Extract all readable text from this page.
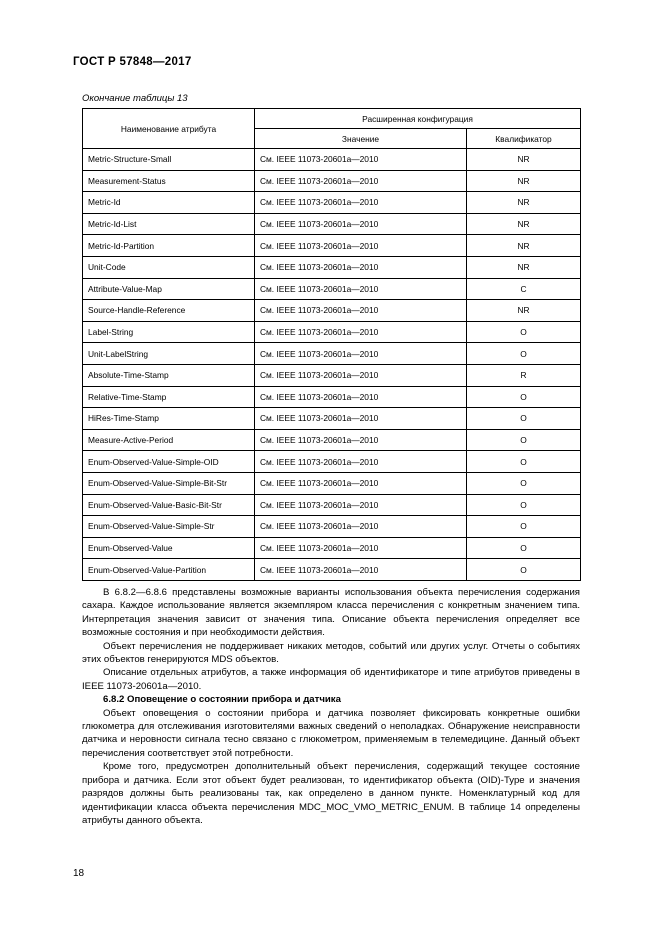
ГОСТ Р 57848—2017
Окончание таблицы 13
Наименование атрибута	Расширенная конфигурация	
	Значение	Квалификатор
Metric-Structure-Small	См. IEEE 11073-20601а—2010	NR
Measurement-Status	См. IEEE 11073-20601а—2010	NR
Metric-Id	См. IEEE 11073-20601а—2010	NR
Metric-Id-List	См. IEEE 11073-20601а—2010	NR
Metric-Id-Partition	См. IEEE 11073-20601а—2010	NR
Unit-Code	См. IEEE 11073-20601а—2010	NR
Attribute-Value-Map	См. IEEE 11073-20601а—2010	C
Source-Handle-Reference	См. IEEE 11073-20601а—2010	NR
Label-String	См. IEEE 11073-20601а—2010	O
Unit-LabelString	См. IEEE 11073-20601а—2010	O
Absolute-Time-Stamp	См. IEEE 11073-20601а—2010	R
Relative-Time-Stamp	См. IEEE 11073-20601а—2010	O
HiRes-Time-Stamp	См. IEEE 11073-20601а—2010	O
Measure-Active-Period	См. IEEE 11073-20601а—2010	O
Enum-Observed-Value-Simple-OID	См. IEEE 11073-20601а—2010	O
Enum-Observed-Value-Simple-Bit-Str	См. IEEE 11073-20601а—2010	O
Enum-Observed-Value-Basic-Bit-Str	См. IEEE 11073-20601а—2010	O
Enum-Observed-Value-Simple-Str	См. IEEE 11073-20601а—2010	O
Enum-Observed-Value	См. IEEE 11073-20601а—2010	O
Enum-Observed-Value-Partition	См. IEEE 11073-20601а—2010	O

В 6.8.2—6.8.6 представлены возможные варианты использования объекта перечисления содержания сахара. Каждое использование является экземпляром класса перечисления с конкретным значением типа. Интерпретация значения зависит от значения типа. Описание объекта перечисления определяет все возможные состояния и при необходимости действия.

Объект перечисления не поддерживает никаких методов, событий или других услуг. Отчеты о событиях этих объектов генерируются MDS объектов.

Описание отдельных атрибутов, а также информация об идентификаторе и типе атрибутов приведены в IEEE 11073-20601а—2010.

6.8.2 Оповещение о состоянии прибора и датчика

Объект оповещения о состоянии прибора и датчика позволяет фиксировать конкретные ошибки глюкометра для отслеживания изготовителями важных сведений о неполадках. Обнаружение неисправности датчика и неровности сигнала тесно связано с глюкометром, применяемым в телемедицине. Данный объект перечисления соответствует этой потребности.

Кроме того, предусмотрен дополнительный объект перечисления, содержащий текущее состояние прибора и датчика. Если этот объект будет реализован, то идентификатор объекта (OID)-Туре и значения разрядов должны быть реализованы так, как определено в данном пункте. Номенклатурный код для идентификации класса объекта перечисления MDC_MOC_VMO_METRIC_ENUM. В таблице 14 определены атрибуты данного объекта.

18
